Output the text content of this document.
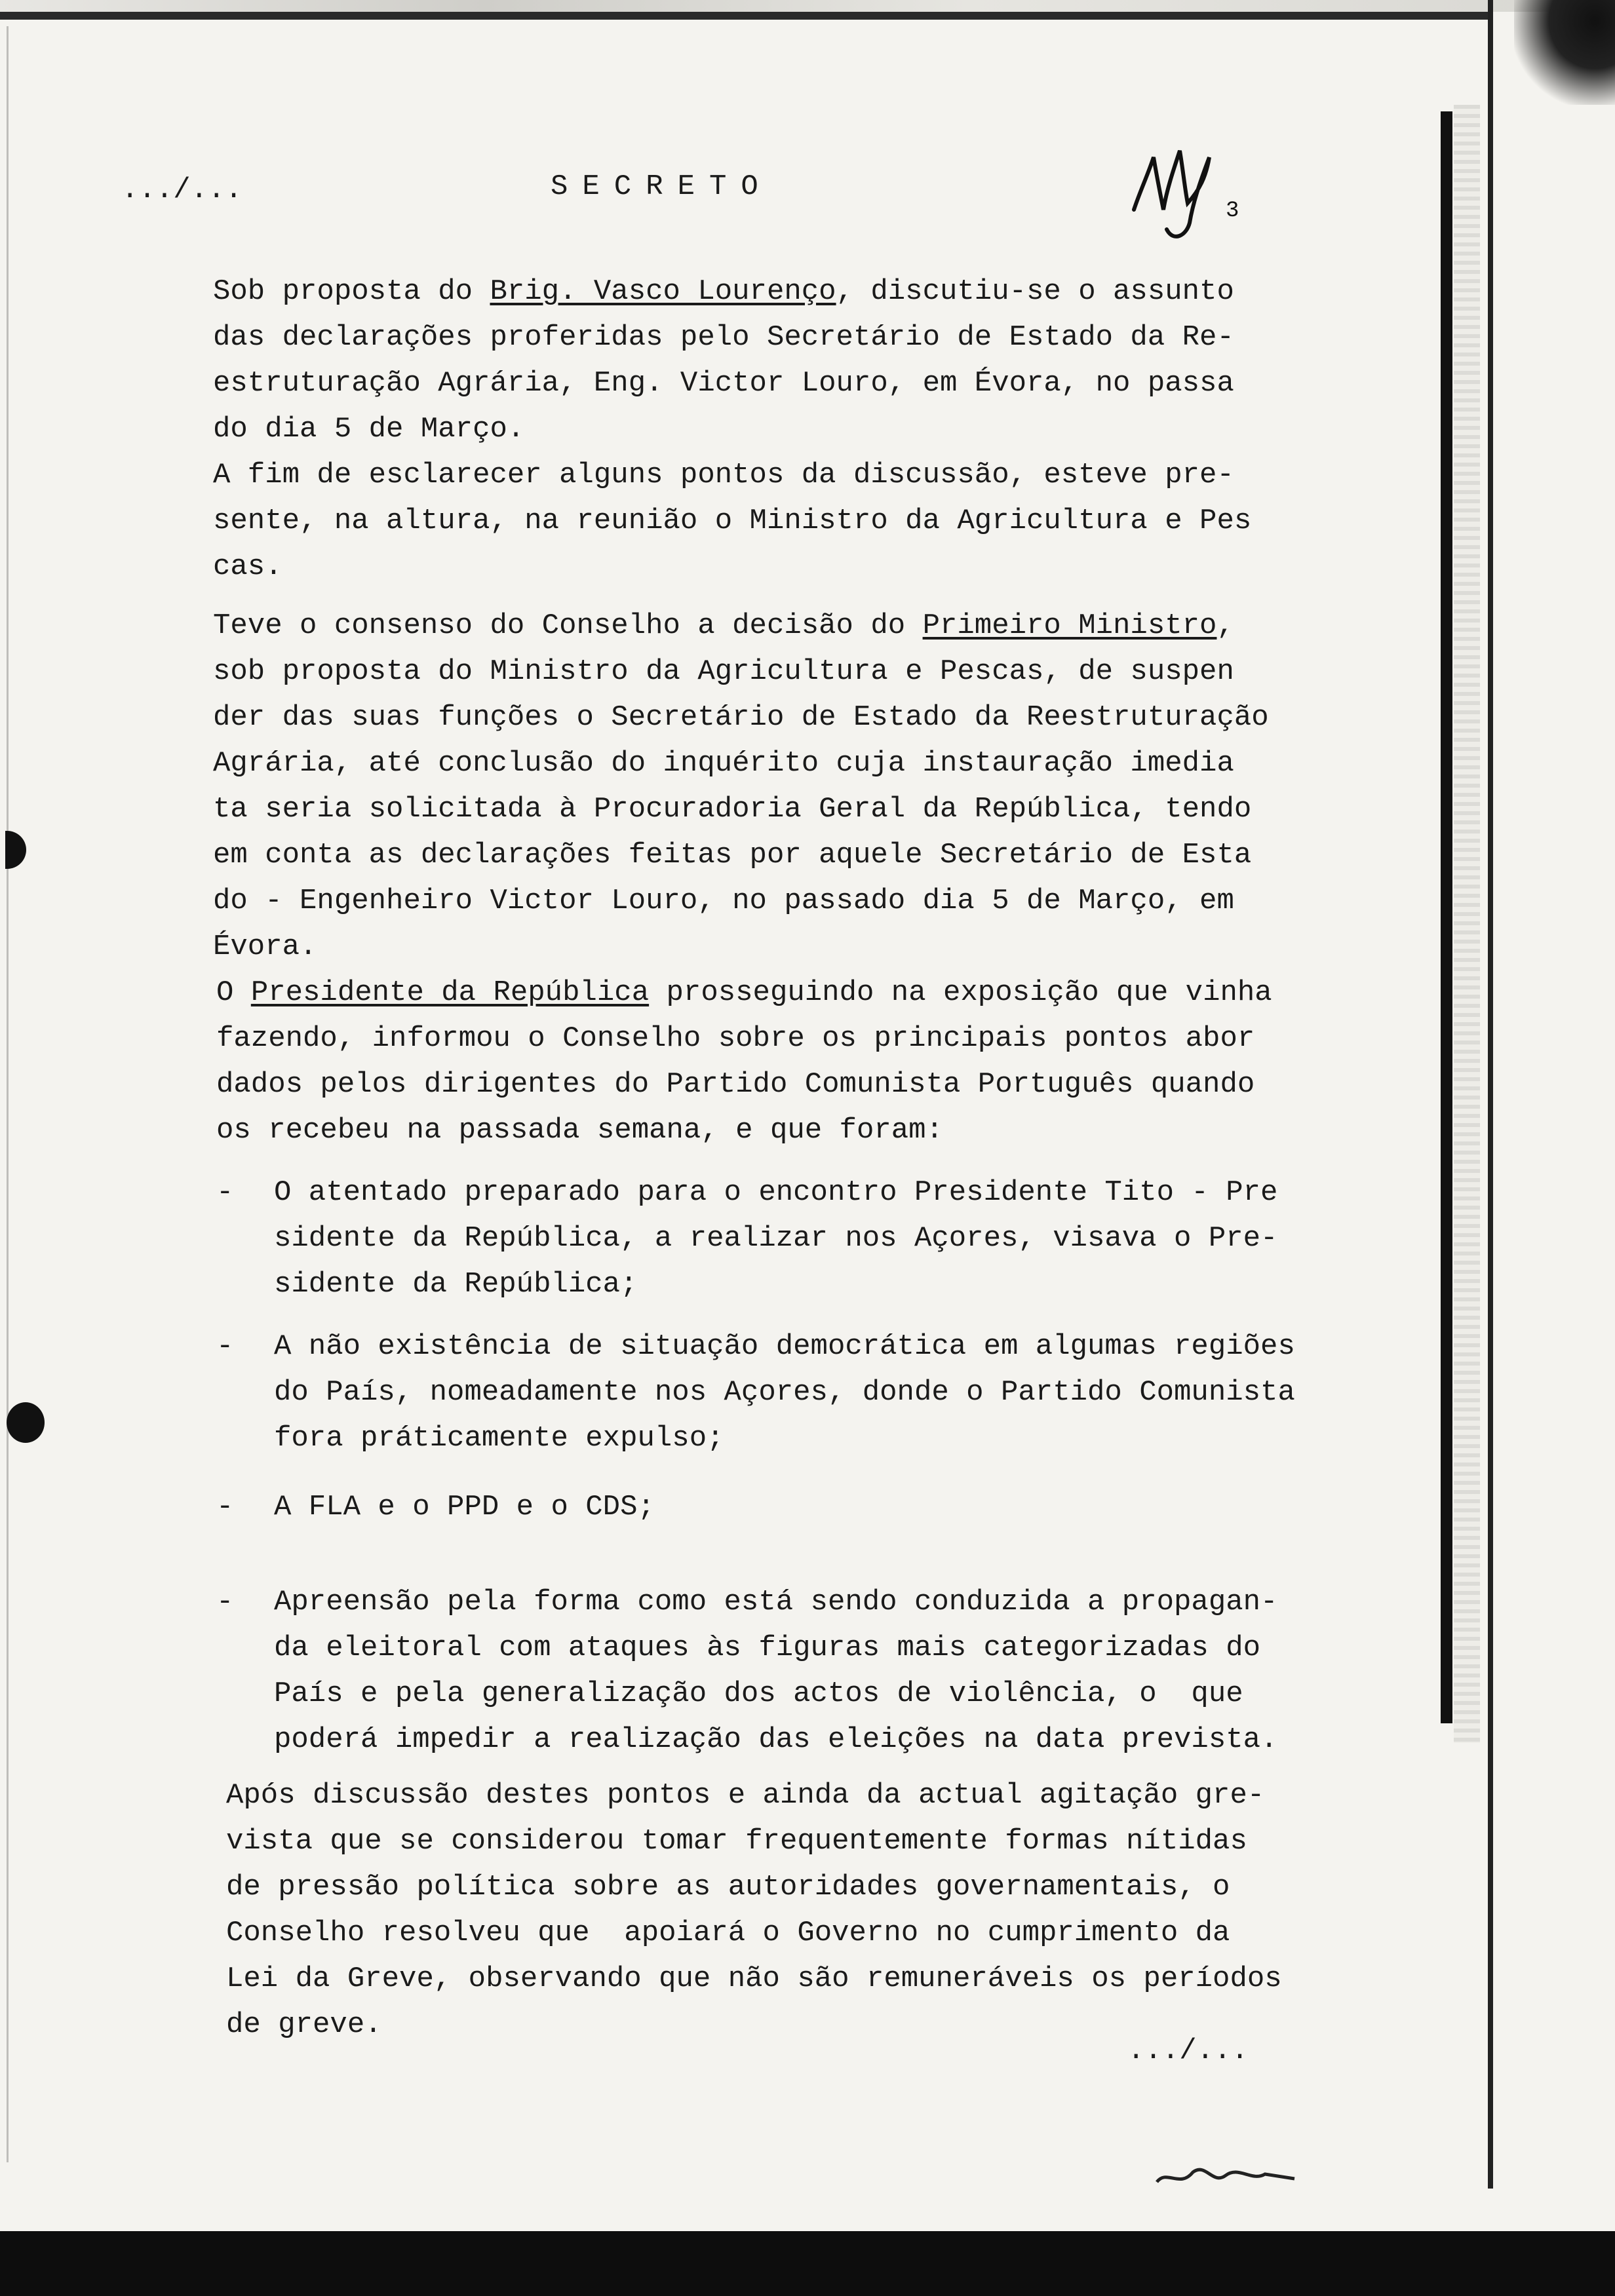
.../...	SECRETO
3
Sob proposta do Brig. Vasco Lourenço, discutiu-se o assunto
das declarações proferidas pelo Secretário de Estado da Re-
estruturação Agrária, Eng. Victor Louro, em Évora, no passa
do dia 5 de Março.
A fim de esclarecer alguns pontos da discussão, esteve pre-
sente, na altura, na reunião o Ministro da Agricultura e Pes
cas.
Teve o consenso do Conselho a decisão do Primeiro Ministro,
sob proposta do Ministro da Agricultura e Pescas, de suspen
der das suas funções o Secretário de Estado da Reestruturação
Agrária, até conclusão do inquérito cuja instauração imedia
ta seria solicitada à Procuradoria Geral da República, tendo
em conta as declarações feitas por aquele Secretário de Esta
do - Engenheiro Victor Louro, no passado dia 5 de Março, em
Évora.
O Presidente da República prosseguindo na exposição que vinha
fazendo, informou o Conselho sobre os principais pontos abor
dados pelos dirigentes do Partido Comunista Português quando
os recebeu na passada semana, e que foram:
- O atentado preparado para o encontro Presidente Tito - Pre
sidente da República, a realizar nos Açores, visava o Pre-
sidente da República;
- A não existência de situação democrática em algumas regiões
do País, nomeadamente nos Açores, donde o Partido Comunista
fora práticamente expulso;
- A FLA e o PPD e o CDS;
- Apreensão pela forma como está sendo conduzida a propagan-
da eleitoral com ataques às figuras mais categorizadas do
País e pela generalização dos actos de violência, o  que
poderá impedir a realização das eleições na data prevista.
Após discussão destes pontos e ainda da actual agitação gre-
vista que se considerou tomar frequentemente formas nítidas
de pressão política sobre as autoridades governamentais, o
Conselho resolveu que  apoiará o Governo no cumprimento da
Lei da Greve, observando que não são remuneráveis os períodos
de greve.
.../...
